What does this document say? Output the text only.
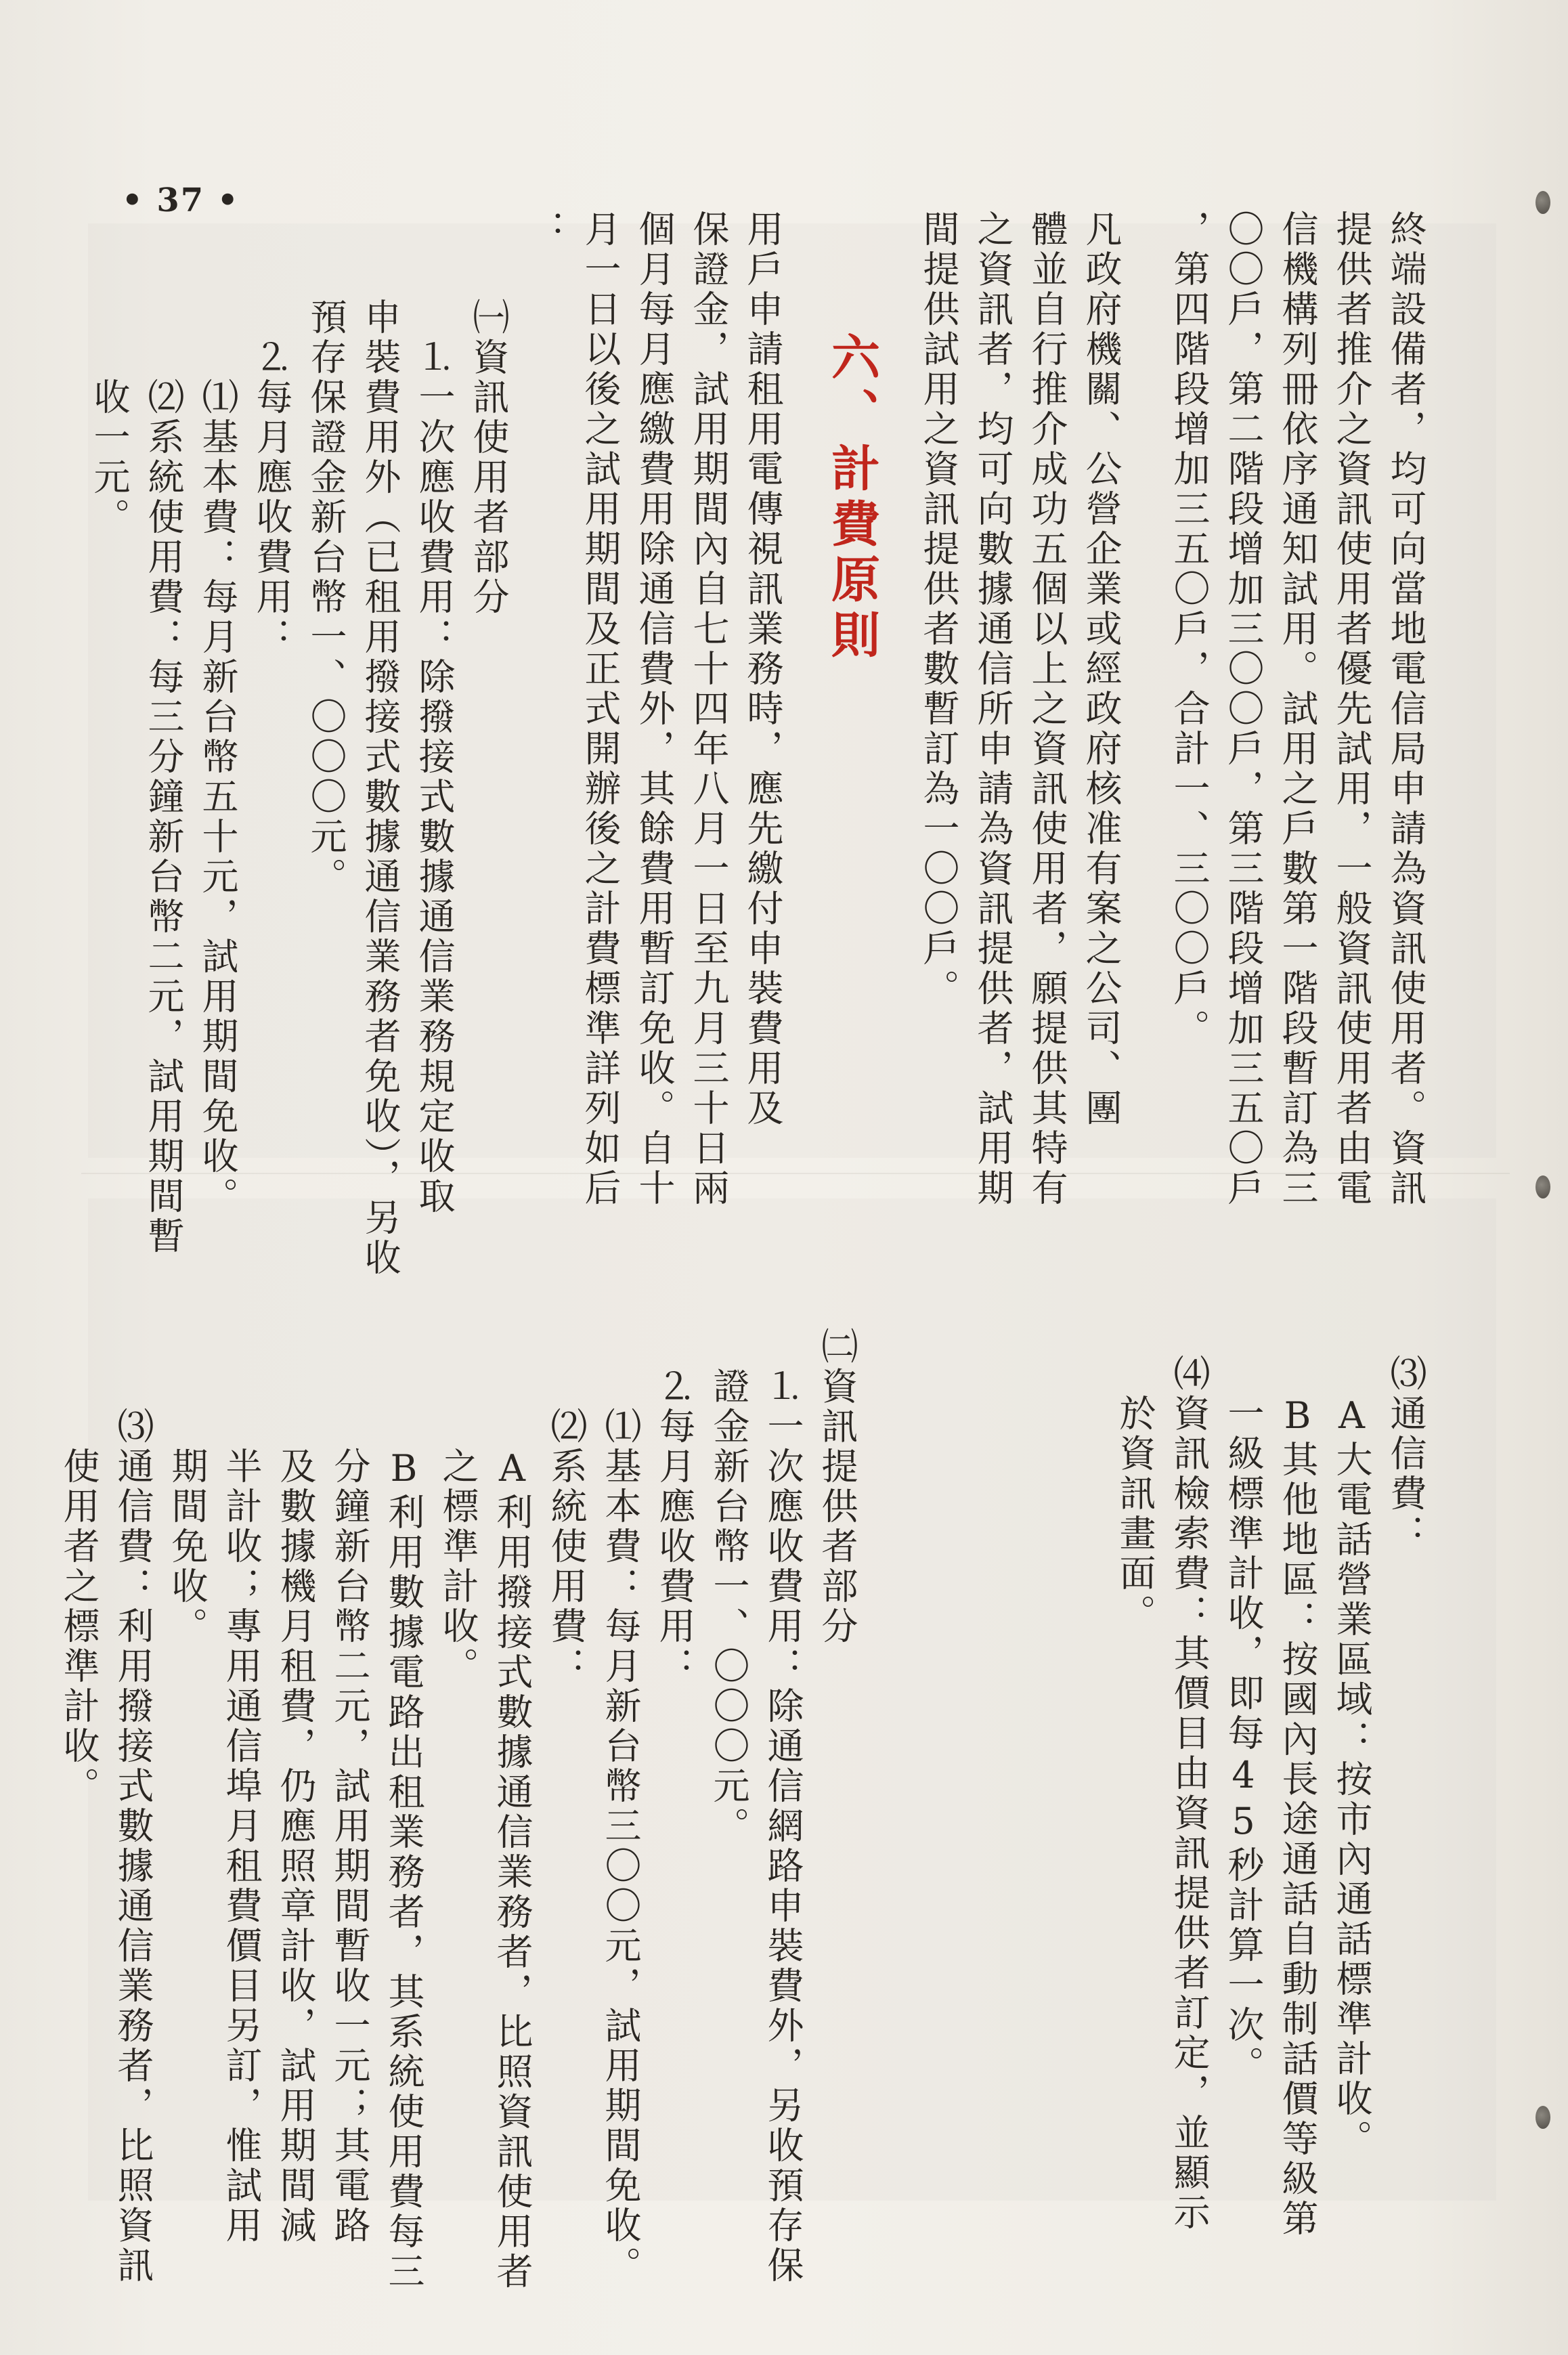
• 37 •
終端設備者，均可向當地電信局申請為資訊使用者。資訊
提供者推介之資訊使用者優先試用，一般資訊使用者由電
信機構列冊依序通知試用。試用之戶數第一階段暫訂為三
〇〇戶，第二階段增加三〇〇戶，第三階段增加三五〇戶
，第四階段增加三五〇戶，合計一、三〇〇戶。
凡政府機關、公營企業或經政府核准有案之公司、團
體並自行推介成功五個以上之資訊使用者，願提供其特有
之資訊者，均可向數據通信所申請為資訊提供者，試用期
間提供試用之資訊提供者數暫訂為一〇〇戶。
六、計費原則
用戶申請租用電傳視訊業務時，應先繳付申裝費用及
保證金，試用期間內自七十四年八月一日至九月三十日兩
個月每月應繳費用除通信費外，其餘費用暫訂免收。自十
月一日以後之試用期間及正式開辦後之計費標準詳列如后
：
㈠資訊使用者部分
　⒈一次應收費用：除撥接式數據通信業務規定收取
申裝費用外（已租用撥接式數據通信業務者免收），另收
預存保證金新台幣一、〇〇〇元。
　⒉每月應收費用：
　　⑴基本費：每月新台幣五十元，試用期間免收。
　　⑵系統使用費：每三分鐘新台幣二元，試用期間暫
　　收一元。
⑶通信費：
　A大電話營業區域：按市內通話標準計收。
　B其他地區：按國內長途通話自動制話價等級第
　一級標準計收，即每45秒計算一次。
⑷資訊檢索費：其價目由資訊提供者訂定，並顯示
　於資訊畫面。
㈡資訊提供者部分
　⒈一次應收費用：除通信網路申裝費外，另收預存保
　證金新台幣一、〇〇〇元。
　⒉每月應收費用：
　　⑴基本費：每月新台幣三〇〇元，試用期間免收。
　　⑵系統使用費：
　　　A利用撥接式數據通信業務者，比照資訊使用者
　　　之標準計收。
　　　B利用數據電路出租業務者，其系統使用費每三
　　　分鐘新台幣二元，試用期間暫收一元；其電路
　　　及數據機月租費，仍應照章計收，試用期間減
　　　半計收；專用通信埠月租費價目另訂，惟試用
　　　期間免收。
　　⑶通信費：利用撥接式數據通信業務者，比照資訊
　　　使用者之標準計收。
